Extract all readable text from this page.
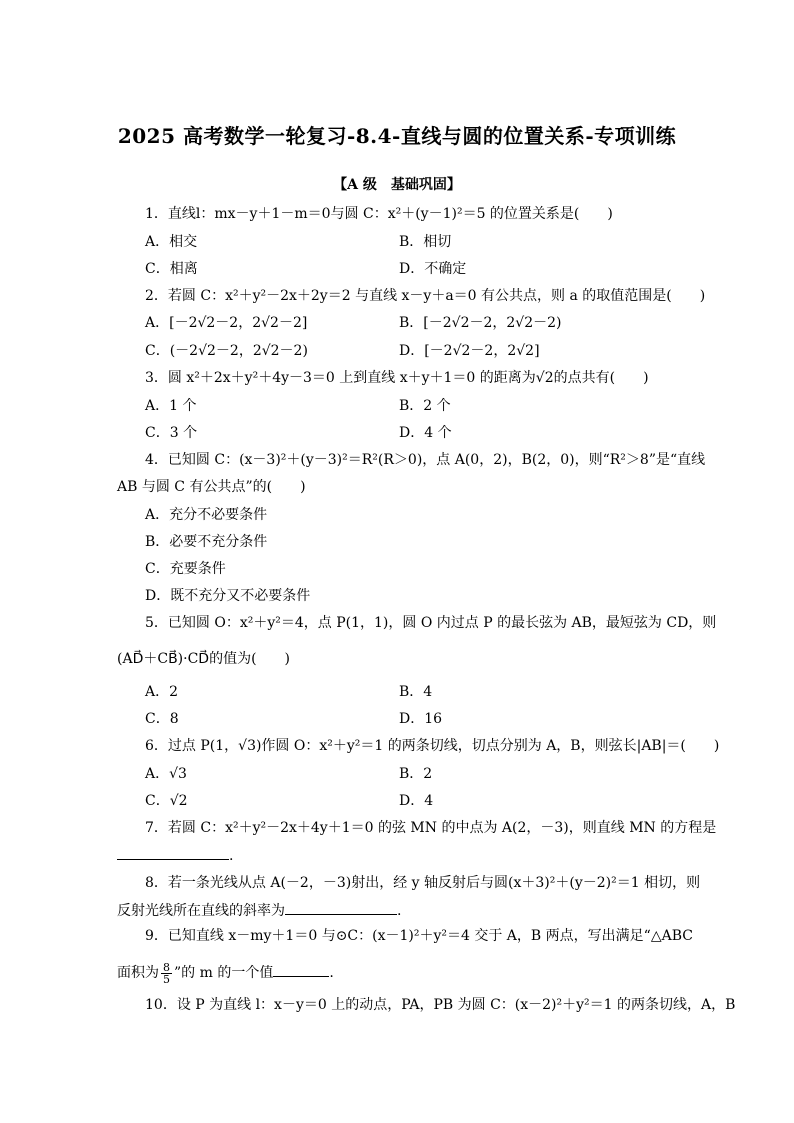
2025 高考数学一轮复习-8.4-直线与圆的位置关系-专项训练
【A 级　基础巩固】
1．直线l：mx－y＋1－m＝0与圆 C：x²＋(y－1)²＝5 的位置关系是(　　)
A．相交	B．相切
C．相离	D．不确定
2．若圆 C：x²＋y²－2x＋2y＝2 与直线 x－y＋a＝0 有公共点，则 a 的取值范围是(　　)
A．[－2√2－2，2√2－2]	B．[－2√2－2，2√2－2)
C．(－2√2－2，2√2－2)	D．[－2√2－2，2√2]
3．圆 x²＋2x＋y²＋4y－3＝0 上到直线 x＋y＋1＝0 的距离为√2的点共有(　　)
A．1 个	B．2 个
C．3 个	D．4 个
4．已知圆 C：(x－3)²＋(y－3)²＝R²(R＞0)，点 A(0，2)，B(2，0)，则“R²＞8”是“直线
AB 与圆 C 有公共点”的(　　)
A．充分不必要条件
B．必要不充分条件
C．充要条件
D．既不充分又不必要条件
5．已知圆 O：x²＋y²＝4，点 P(1，1)，圆 O 内过点 P 的最长弦为 AB，最短弦为 CD，则
(AD⃗＋CB⃗)·CD⃗的值为(　　)
A．2	B．4
C．8	D．16
6．过点 P(1，√3)作圆 O：x²＋y²＝1 的两条切线，切点分别为 A，B，则弦长|AB|＝(　　)
A．√3	B．2
C．√2	D．4
7．若圆 C：x²＋y²－2x＋4y＋1＝0 的弦 MN 的中点为 A(2，－3)，则直线 MN 的方程是
8．若一条光线从点 A(－2，－3)射出，经 y 轴反射后与圆(x＋3)²＋(y－2)²＝1 相切，则
9．已知直线 x－my＋1＝0 与⊙C：(x－1)²＋y²＝4 交于 A，B 两点，写出满足“△ABC
10．设 P 为直线 l：x－y＝0 上的动点，PA，PB 为圆 C：(x－2)²＋y²＝1 的两条切线，A，B
.
反射光线所在直线的斜率为	.
面积为 $\frac{8}{5}$ ”的 m 的一个值	.
